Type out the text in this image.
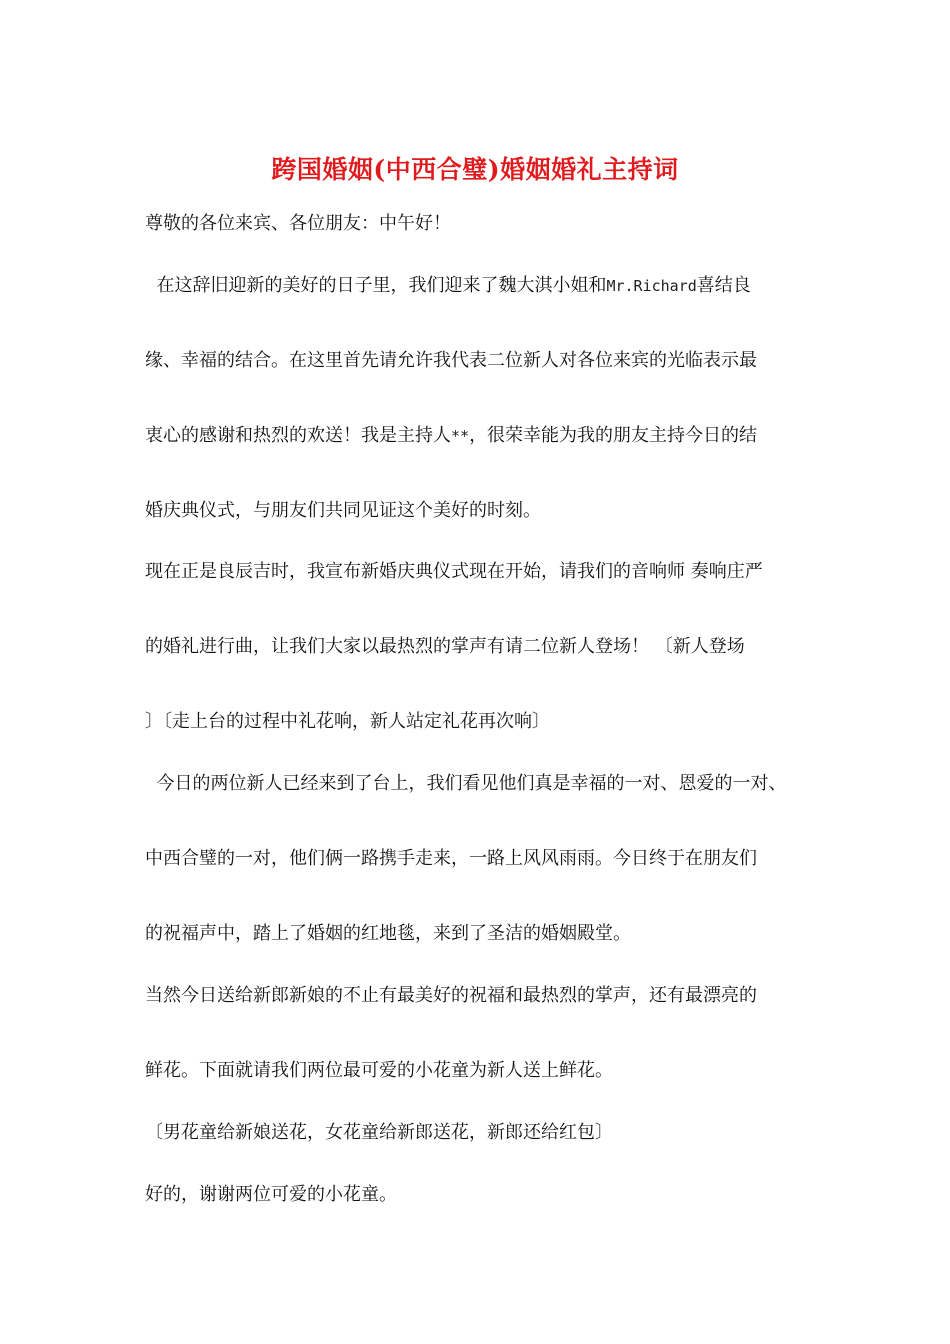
跨国婚姻(中西合璧)婚姻婚礼主持词
尊敬的各位来宾、各位朋友：中午好！
在这辞旧迎新的美好的日子里，我们迎来了魏大淇小姐和Mr.Richard喜结良
缘、幸福的结合。在这里首先请允许我代表二位新人对各位来宾的光临表示最
衷心的感谢和热烈的欢送！我是主持人**，很荣幸能为我的朋友主持今日的结
婚庆典仪式，与朋友们共同见证这个美好的时刻。
现在正是良辰吉时，我宣布新婚庆典仪式现在开始，请我们的音响师 奏响庄严
的婚礼进行曲，让我们大家以最热烈的掌声有请二位新人登场！ 〔新人登场
〕〔走上台的过程中礼花响，新人站定礼花再次响〕
今日的两位新人已经来到了台上，我们看见他们真是幸福的一对、恩爱的一对、
中西合璧的一对，他们俩一路携手走来，一路上风风雨雨。今日终于在朋友们
的祝福声中，踏上了婚姻的红地毯，来到了圣洁的婚姻殿堂。
当然今日送给新郎新娘的不止有最美好的祝福和最热烈的掌声，还有最漂亮的
鲜花。下面就请我们两位最可爱的小花童为新人送上鲜花。
〔男花童给新娘送花，女花童给新郎送花，新郎还给红包〕
好的，谢谢两位可爱的小花童。
